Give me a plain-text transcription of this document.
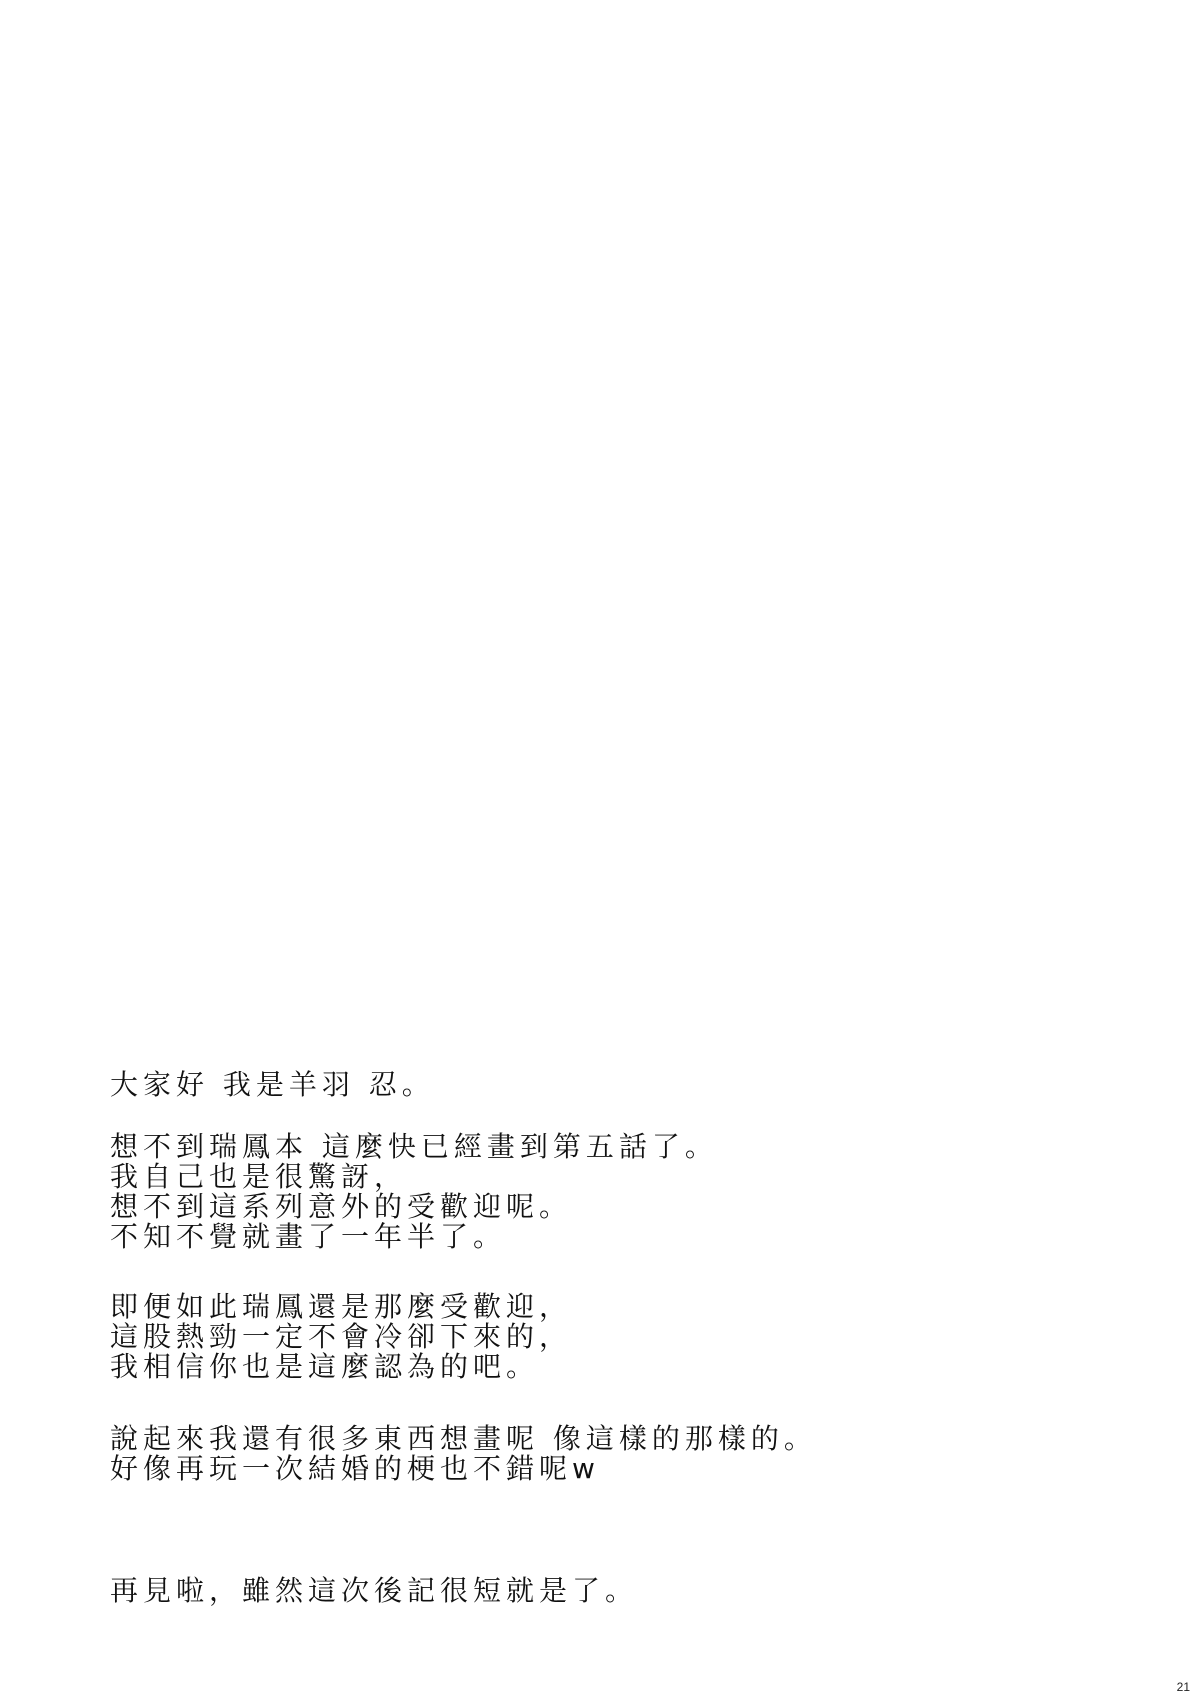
大家好 我是羊羽 忍。
想不到瑞鳳本 這麼快已經畫到第五話了。
我自己也是很驚訝，
想不到這系列意外的受歡迎呢。
不知不覺就畫了一年半了。
即便如此瑞鳳還是那麼受歡迎，
這股熱勁一定不會冷卻下來的，
我相信你也是這麼認為的吧。
說起來我還有很多東西想畫呢 像這樣的那樣的。
好像再玩一次結婚的梗也不錯呢w
再見啦，雖然這次後記很短就是了。
21
